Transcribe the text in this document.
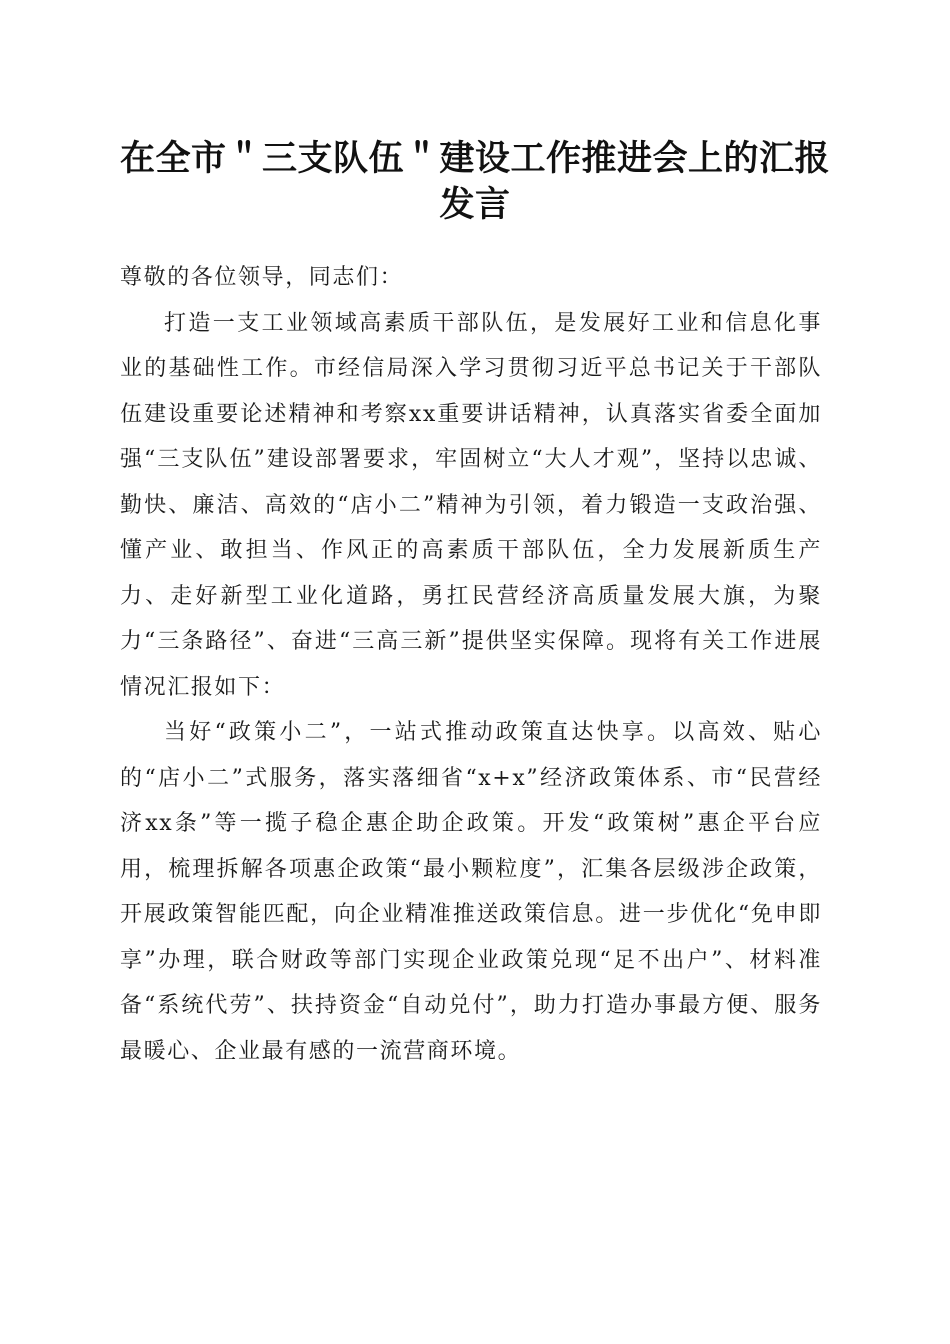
在全市＂三支队伍＂建设工作推进会上的汇报发言

尊敬的各位领导，同志们：

打造一支工业领域高素质干部队伍，是发展好工业和信息化事业的基础性工作。市经信局深入学习贯彻习近平总书记关于干部队伍建设重要论述精神和考察xx重要讲话精神，认真落实省委全面加强“三支队伍”建设部署要求，牢固树立“大人才观”，坚持以忠诚、勤快、廉洁、高效的“店小二”精神为引领，着力锻造一支政治强、懂产业、敢担当、作风正的高素质干部队伍，全力发展新质生产力、走好新型工业化道路，勇扛民营经济高质量发展大旗，为聚力“三条路径”、奋进“三高三新”提供坚实保障。现将有关工作进展情况汇报如下：

当好“政策小二”，一站式推动政策直达快享。以高效、贴心的“店小二”式服务，落实落细省“x+x”经济政策体系、市“民营经济xx条”等一揽子稳企惠企助企政策。开发“政策树”惠企平台应用，梳理拆解各项惠企政策“最小颗粒度”，汇集各层级涉企政策，开展政策智能匹配，向企业精准推送政策信息。进一步优化“免申即享”办理，联合财政等部门实现企业政策兑现“足不出户”、材料准备“系统代劳”、扶持资金“自动兑付”，助力打造办事最方便、服务最暖心、企业最有感的一流营商环境。
